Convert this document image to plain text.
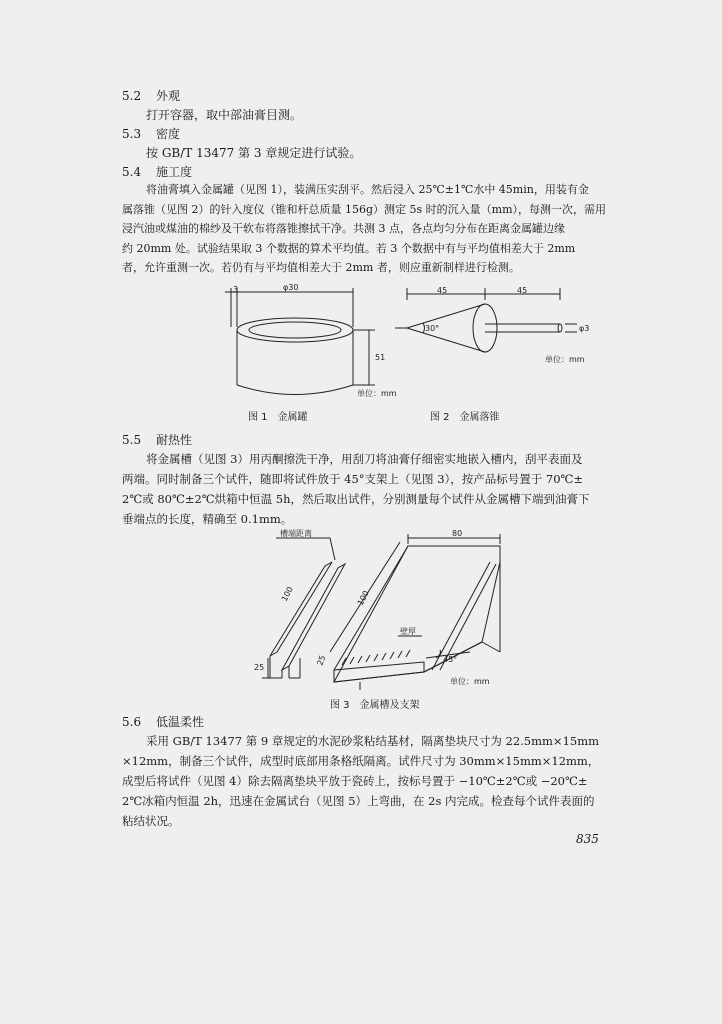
5.2 外观
打开容器，取中部油膏目测。
5.3 密度
按 GB/T 13477 第 3 章规定进行试验。
5.4 施工度
将油膏填入金属罐（见图 1），装满压实刮平。然后浸入 25℃±1℃水中 45min，用装有金
属落锥（见图 2）的针入度仪（锥和杆总质量 156g）测定 5s 时的沉入量（mm），每测一次，需用
浸汽油或煤油的棉纱及干软布将落锥擦拭干净。共测 3 点，各点均匀分布在距离金属罐边缘
约 20mm 处。试验结果取 3 个数据的算术平均值。若 3 个数据中有与平均值相差大于 2mm
者，允许重测一次。若仍有与平均值相差大于 2mm 者，则应重新制样进行检测。
3	φ30
51
单位：mm
图 1　金属罐
45	45
30°	φ3
单位：mm
图 2　金属落锥
5.5 耐热性
将金属槽（见图 3）用丙酮擦洗干净，用刮刀将油膏仔细密实地嵌入槽内，刮平表面及
两端。同时制备三个试件，随即将试件放于 45°支架上（见图 3），按产品标号置于 70℃±
2℃或 80℃±2℃烘箱中恒温 5h，然后取出试件，分别测量每个试件从金属槽下端到油膏下
垂端点的长度，精确至 0.1mm。
槽端距离
100	100
80
25
25
壁厚
45°
单位：mm
图 3　金属槽及支架
5.6 低温柔性
采用 GB/T 13477 第 9 章规定的水泥砂浆粘结基材，隔离垫块尺寸为 22.5mm×15mm
×12mm，制备三个试件，成型时底部用条格纸隔离。试件尺寸为 30mm×15mm×12mm，
成型后将试件（见图 4）除去隔离垫块平放于瓷砖上，按标号置于 −10℃±2℃或 −20℃±
2℃冰箱内恒温 2h，迅速在金属试台（见图 5）上弯曲，在 2s 内完成。检查每个试件表面的
粘结状况。
835
